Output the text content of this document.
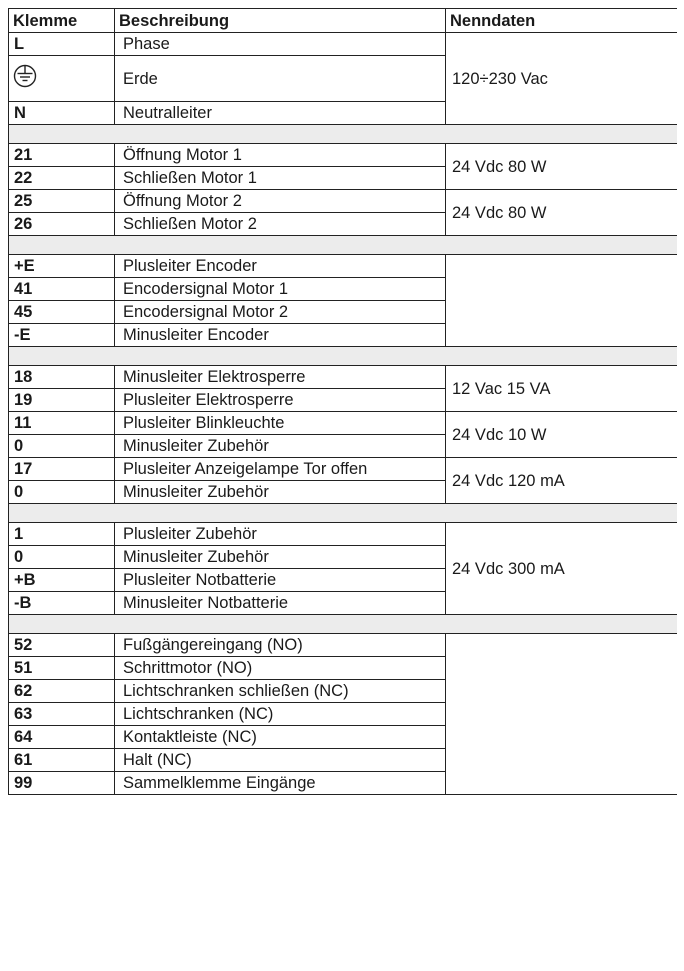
Klemme	Beschreibung	Nenndaten
L	Phase	120÷230 Vac
	Erde	
N	Neutralleiter	

21	Öffnung Motor 1	24 Vdc 80 W
22	Schließen Motor 1	
25	Öffnung Motor 2	24 Vdc 80 W
26	Schließen Motor 2	

+E	Plusleiter Encoder	
41	Encodersignal Motor 1	
45	Encodersignal Motor 2	
-E	Minusleiter Encoder	

18	Minusleiter Elektrosperre	12 Vac 15 VA
19	Plusleiter Elektrosperre	
11	Plusleiter Blinkleuchte	24 Vdc 10 W
0	Minusleiter Zubehör	
17	Plusleiter Anzeigelampe Tor offen	24 Vdc 120 mA
0	Minusleiter Zubehör	

1	Plusleiter Zubehör	24 Vdc 300 mA
0	Minusleiter Zubehör	
+B	Plusleiter Notbatterie	
-B	Minusleiter Notbatterie	

52	Fußgängereingang (NO)	
51	Schrittmotor (NO)	
62	Lichtschranken schließen (NC)	
63	Lichtschranken (NC)	
64	Kontaktleiste (NC)	
61	Halt (NC)	
99	Sammelklemme Eingänge	
